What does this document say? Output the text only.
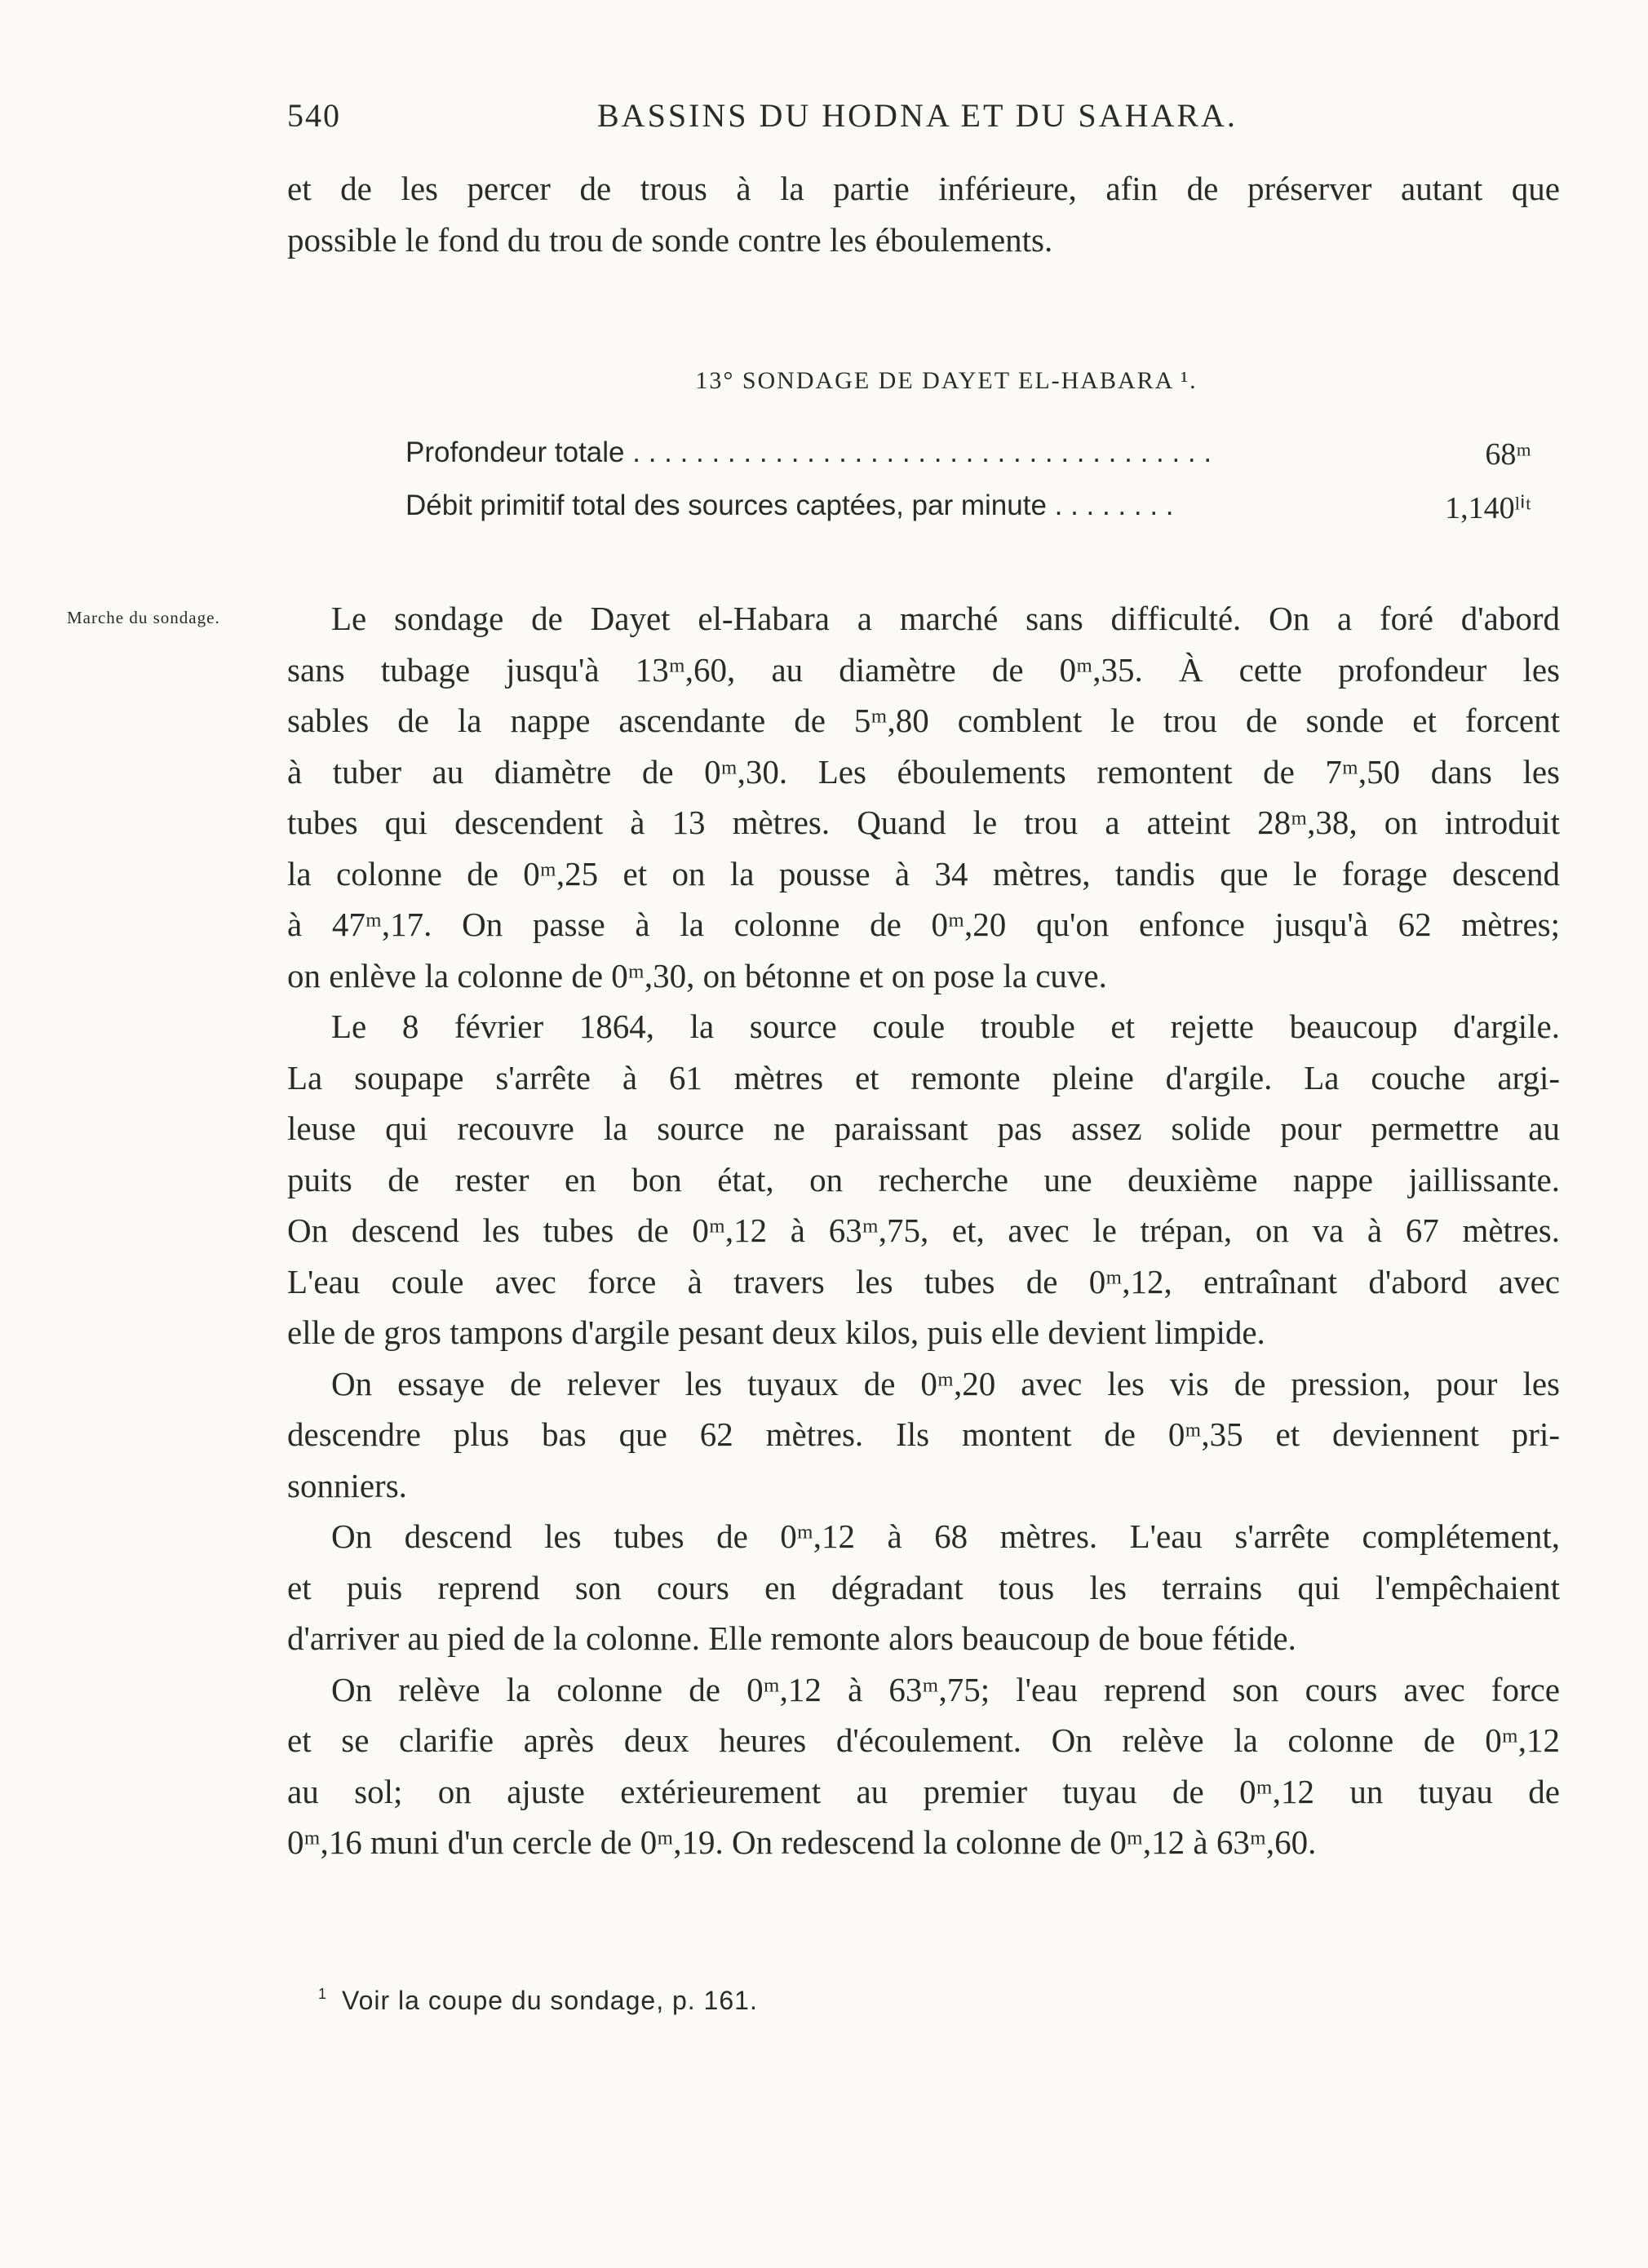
540	BASSINS DU HODNA ET DU SAHARA.
et de les percer de trous à la partie inférieure, afin de préserver autant que
possible le fond du trou de sonde contre les éboulements.
13° SONDAGE DE DAYET EL-HABARA ¹.
Profondeur totale . . . . . . . . . . . . . . . . . . . . . . . . . . . . . . . . . . . . .	68ᵐ
Débit primitif total des sources captées, par minute . . . . . . . .	1,140ˡⁱᵗ
Marche du sondage.	Le sondage de Dayet el-Habara a marché sans difficulté. On a foré d'abord
sans tubage jusqu'à 13ᵐ,60, au diamètre de 0ᵐ,35. À cette profondeur les
sables de la nappe ascendante de 5ᵐ,80 comblent le trou de sonde et forcent
à tuber au diamètre de 0ᵐ,30. Les éboulements remontent de 7ᵐ,50 dans les
tubes qui descendent à 13 mètres. Quand le trou a atteint 28ᵐ,38, on introduit
la colonne de 0ᵐ,25 et on la pousse à 34 mètres, tandis que le forage descend
à 47ᵐ,17. On passe à la colonne de 0ᵐ,20 qu'on enfonce jusqu'à 62 mètres;
on enlève la colonne de 0ᵐ,30, on bétonne et on pose la cuve.
Le 8 février 1864, la source coule trouble et rejette beaucoup d'argile.
La soupape s'arrête à 61 mètres et remonte pleine d'argile. La couche argi-
leuse qui recouvre la source ne paraissant pas assez solide pour permettre au
puits de rester en bon état, on recherche une deuxième nappe jaillissante.
On descend les tubes de 0ᵐ,12 à 63ᵐ,75, et, avec le trépan, on va à 67 mètres.
L'eau coule avec force à travers les tubes de 0ᵐ,12, entraînant d'abord avec
elle de gros tampons d'argile pesant deux kilos, puis elle devient limpide.
On essaye de relever les tuyaux de 0ᵐ,20 avec les vis de pression, pour les
descendre plus bas que 62 mètres. Ils montent de 0ᵐ,35 et deviennent pri-
sonniers.
On descend les tubes de 0ᵐ,12 à 68 mètres. L'eau s'arrête complétement,
et puis reprend son cours en dégradant tous les terrains qui l'empêchaient
d'arriver au pied de la colonne. Elle remonte alors beaucoup de boue fétide.
On relève la colonne de 0ᵐ,12 à 63ᵐ,75; l'eau reprend son cours avec force
et se clarifie après deux heures d'écoulement. On relève la colonne de 0ᵐ,12
au sol; on ajuste extérieurement au premier tuyau de 0ᵐ,12 un tuyau de
0ᵐ,16 muni d'un cercle de 0ᵐ,19. On redescend la colonne de 0ᵐ,12 à 63ᵐ,60.
$^1$ Voir la coupe du sondage, p. 161.
